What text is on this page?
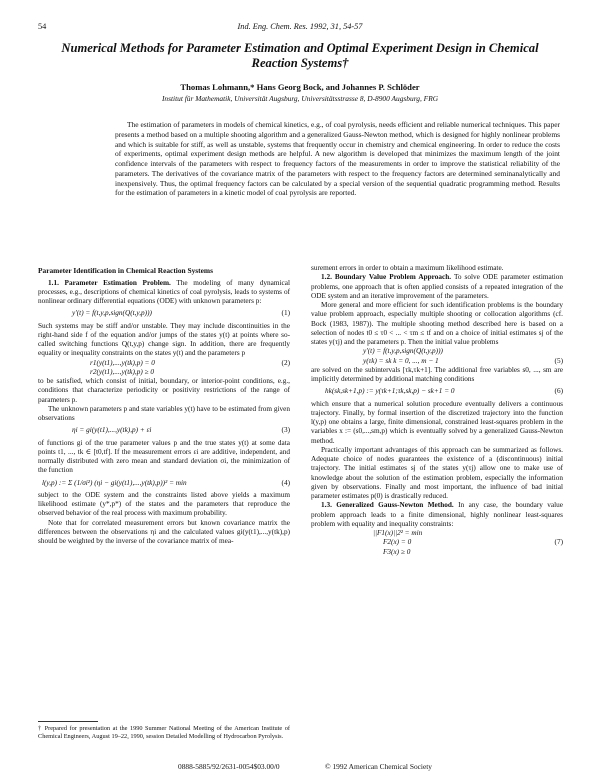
54	Ind. Eng. Chem. Res. 1992, 31, 54-57
Numerical Methods for Parameter Estimation and Optimal Experiment Design in Chemical Reaction Systems†
Thomas Lohmann,* Hans Georg Bock, and Johannes P. Schlöder
Institut für Mathematik, Universität Augsburg, Universitätsstrasse 8, D-8900 Augsburg, FRG

The estimation of parameters in models of chemical kinetics, e.g., of coal pyrolysis, needs efficient and reliable numerical techniques. This paper presents a method based on a multiple shooting algorithm and a generalized Gauss-Newton method, which is designed for highly nonlinear problems and which is suitable for stiff, as well as unstable, systems that frequently occur in chemistry and chemical engineering. In order to reduce the costs of experiments, optimal experiment design methods are helpful. A new algorithm is developed that minimizes the maximum length of the joint confidence intervals of the parameters with respect to frequency factors of the measurements in order to improve the statistical reliability of the parameters. The derivatives of the covariance matrix of the parameters with respect to the frequency factors are determined seminanalytically and inexpensively. Thus, the optimal frequency factors can be calculated by a special version of the sequential quadratic programming method. Results for the estimation of parameters in a kinetic model of coal pyrolysis are reported.

Parameter Identification in Chemical Reaction Systems

1.1. Parameter Estimation Problem. The modeling of many dynamical processes, e.g., descriptions of chemical kinetics of coal pyrolysis, leads to systems of nonlinear ordinary differential equations (ODE) with unknown parameters p:

y'(t) = f(t,y,p,sign(Q(t,y,p)))	(1)

Such systems may be stiff and/or unstable. They may include discontinuities in the right-hand side f of the equation and/or jumps of the states y(t) at points where so-called switching functions Q(t,y,p) change sign. In addition, there are frequently equality or inequality constraints on the states y(t) and the parameters p

r1(y(t1),...,y(tk),p) = 0	(2)
r2(y(t1),...,y(tk),p) ≥ 0

to be satisfied, which consist of initial, boundary, or interior-point conditions, e.g., conditions that characterize periodicity or positivity restrictions of the range of parameters p.

The unknown parameters p and state variables y(t) have to be estimated from given observations

ηi = gi(y(t1),...,y(tk),p) + εi	(3)

of functions gi of the true parameter values p and the true states y(t) at some data points t1, ..., tk ∈ [t0,tf]. If the measurement errors εi are additive, independent, and normally distributed with zero mean and standard deviation σi, the minimization of the function

l(y,p) := Σ (1/σi²) (ηi − gi(y(t1),...,y(tk),p))² = min	(4)

subject to the ODE system and the constraints listed above yields a maximum likelihood estimate (y*,p*) of the states and the parameters that reproduce the observed behavior of the real process with maximum probability.

Note that for correlated measurement errors but known covariance matrix the differences between the observations ηi and the calculated values gi(y(t1),...,y(tk),p) should be weighted by the inverse of the covariance matrix of mea-

surement errors in order to obtain a maximum likelihood estimate.

1.2. Boundary Value Problem Approach. To solve ODE parameter estimation problems, one approach that is often applied consists of a repeated integration of the ODE system and an iterative improvement of the parameters.

More general and more efficient for such identification problems is the boundary value problem approach, especially multiple shooting or collocation algorithms (cf. Bock (1983, 1987)). The multiple shooting method described here is based on a selection of nodes t0 ≤ τ0 < ... < τm ≤ tf and on a choice of initial estimates sj of the states y(τj) and the parameters p. Then the initial value problems

y'(t) = f(t,y,p,sign(Q(t,y,p)))
y(τk) = sk k = 0, ..., m − 1	(5)

are solved on the subintervals [τk,τk+1]. The additional free variables s0, ..., sm are implicitly determined by additional matching conditions

hk(sk,sk+1,p) := y(τk+1;τk,sk,p) − sk+1 = 0	(6)

which ensure that a numerical solution procedure eventually delivers a continuous trajectory. Finally, by formal insertion of the discretized trajectory into the function l(y,p) one obtains a large, finite dimensional, constrained least-squares problem in the variables x := (s0,...,sm,p) which is eventually solved by a generalized Gauss-Newton method.

Practically important advantages of this approach can be summarized as follows. Adequate choice of nodes guarantees the existence of a (discontinuous) initial trajectory. The initial estimates sj of the states y(τj) allow one to make use of knowledge about the solution of the estimation problem, especially the information given by observations. Finally and most important, the influence of bad initial parameter estimates p(0) is drastically reduced.

1.3. Generalized Gauss-Newton Method. In any case, the boundary value problem approach leads to a finite dimensional, highly nonlinear least-squares problem with equality and inequality constraints:

||F1(x)||2² = min
F2(x) = 0	(7)
F3(x) ≥ 0

† Prepared for presentation at the 1990 Summer National Meeting of the American Institute of Chemical Engineers, August 19–22, 1990, session Detailed Modelling of Hydrocarbon Pyrolysis.

0888-5885/92/2631-0054$03.00/0	© 1992 American Chemical Society
